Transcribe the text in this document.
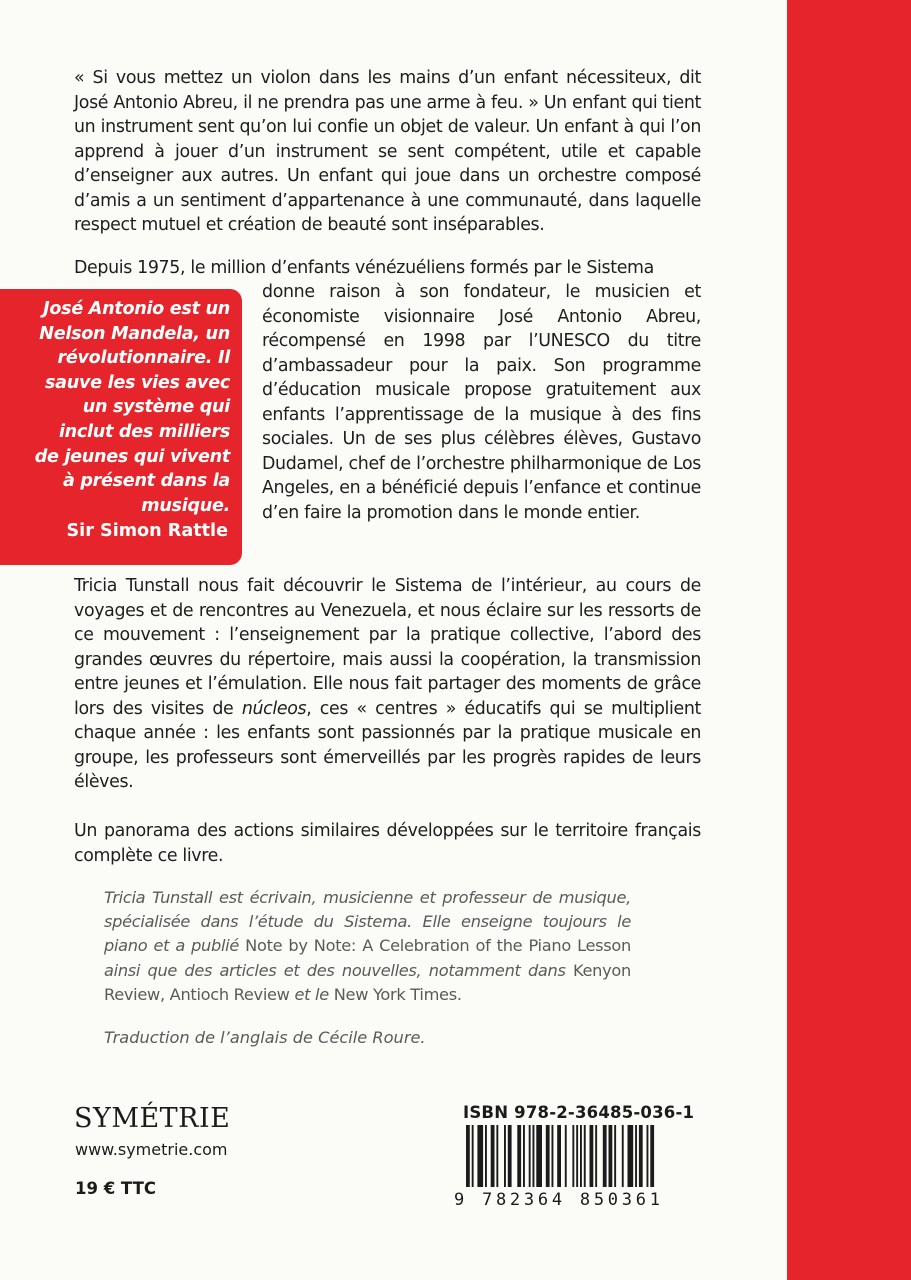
« Si vous mettez un violon dans les mains d’un enfant nécessiteux, dit José Antonio Abreu, il ne prendra pas une arme à feu. » Un enfant qui tient un instrument sent qu’on lui confie un objet de valeur. Un enfant à qui l’on apprend à jouer d’un instrument se sent compétent, utile et capable d’enseigner aux autres. Un enfant qui joue dans un orchestre composé d’amis a un sentiment d’appartenance à une communauté, dans laquelle respect mutuel et création de beauté sont inséparables.

Depuis 1975, le million d’enfants vénézuéliens formés par le Sistema

donne raison à son fondateur, le musicien et économiste visionnaire José Antonio Abreu, récompensé en 1998 par l’UNESCO du titre d’ambassadeur pour la paix. Son programme d’éducation musicale propose gratuitement aux enfants l’apprentissage de la musique à des fins sociales. Un de ses plus célèbres élèves, Gustavo Dudamel, chef de l’orchestre philharmonique de Los Angeles, en a bénéficié depuis l’enfance et continue d’en faire la promotion dans le monde entier.

José Antonio est un Nelson Mandela, un révolutionnaire. Il sauve les vies avec un système qui inclut des milliers de jeunes qui vivent à présent dans la musique.
Sir Simon Rattle

Tricia Tunstall nous fait découvrir le Sistema de l’intérieur, au cours de voyages et de rencontres au Venezuela, et nous éclaire sur les ressorts de ce mouvement : l’enseignement par la pratique collective, l’abord des grandes œuvres du répertoire, mais aussi la coopération, la transmission entre jeunes et l’émulation. Elle nous fait partager des moments de grâce lors des visites de núcleos, ces « centres » éducatifs qui se multiplient chaque année : les enfants sont passionnés par la pratique musicale en groupe, les professeurs sont émerveillés par les progrès rapides de leurs élèves.

Un panorama des actions similaires développées sur le territoire français complète ce livre.

Tricia Tunstall est écrivain, musicienne et professeur de musique, spécialisée dans l’étude du Sistema. Elle enseigne toujours le piano et a publié Note by Note: A Celebration of the Piano Lesson ainsi que des articles et des nouvelles, notamment dans Kenyon Review, Antioch Review et le New York Times.

Traduction de l’anglais de Cécile Roure.

SYMÉTRIE
www.symetrie.com
19 € TTC
ISBN 978-2-36485-036-1
9 782364 850361
